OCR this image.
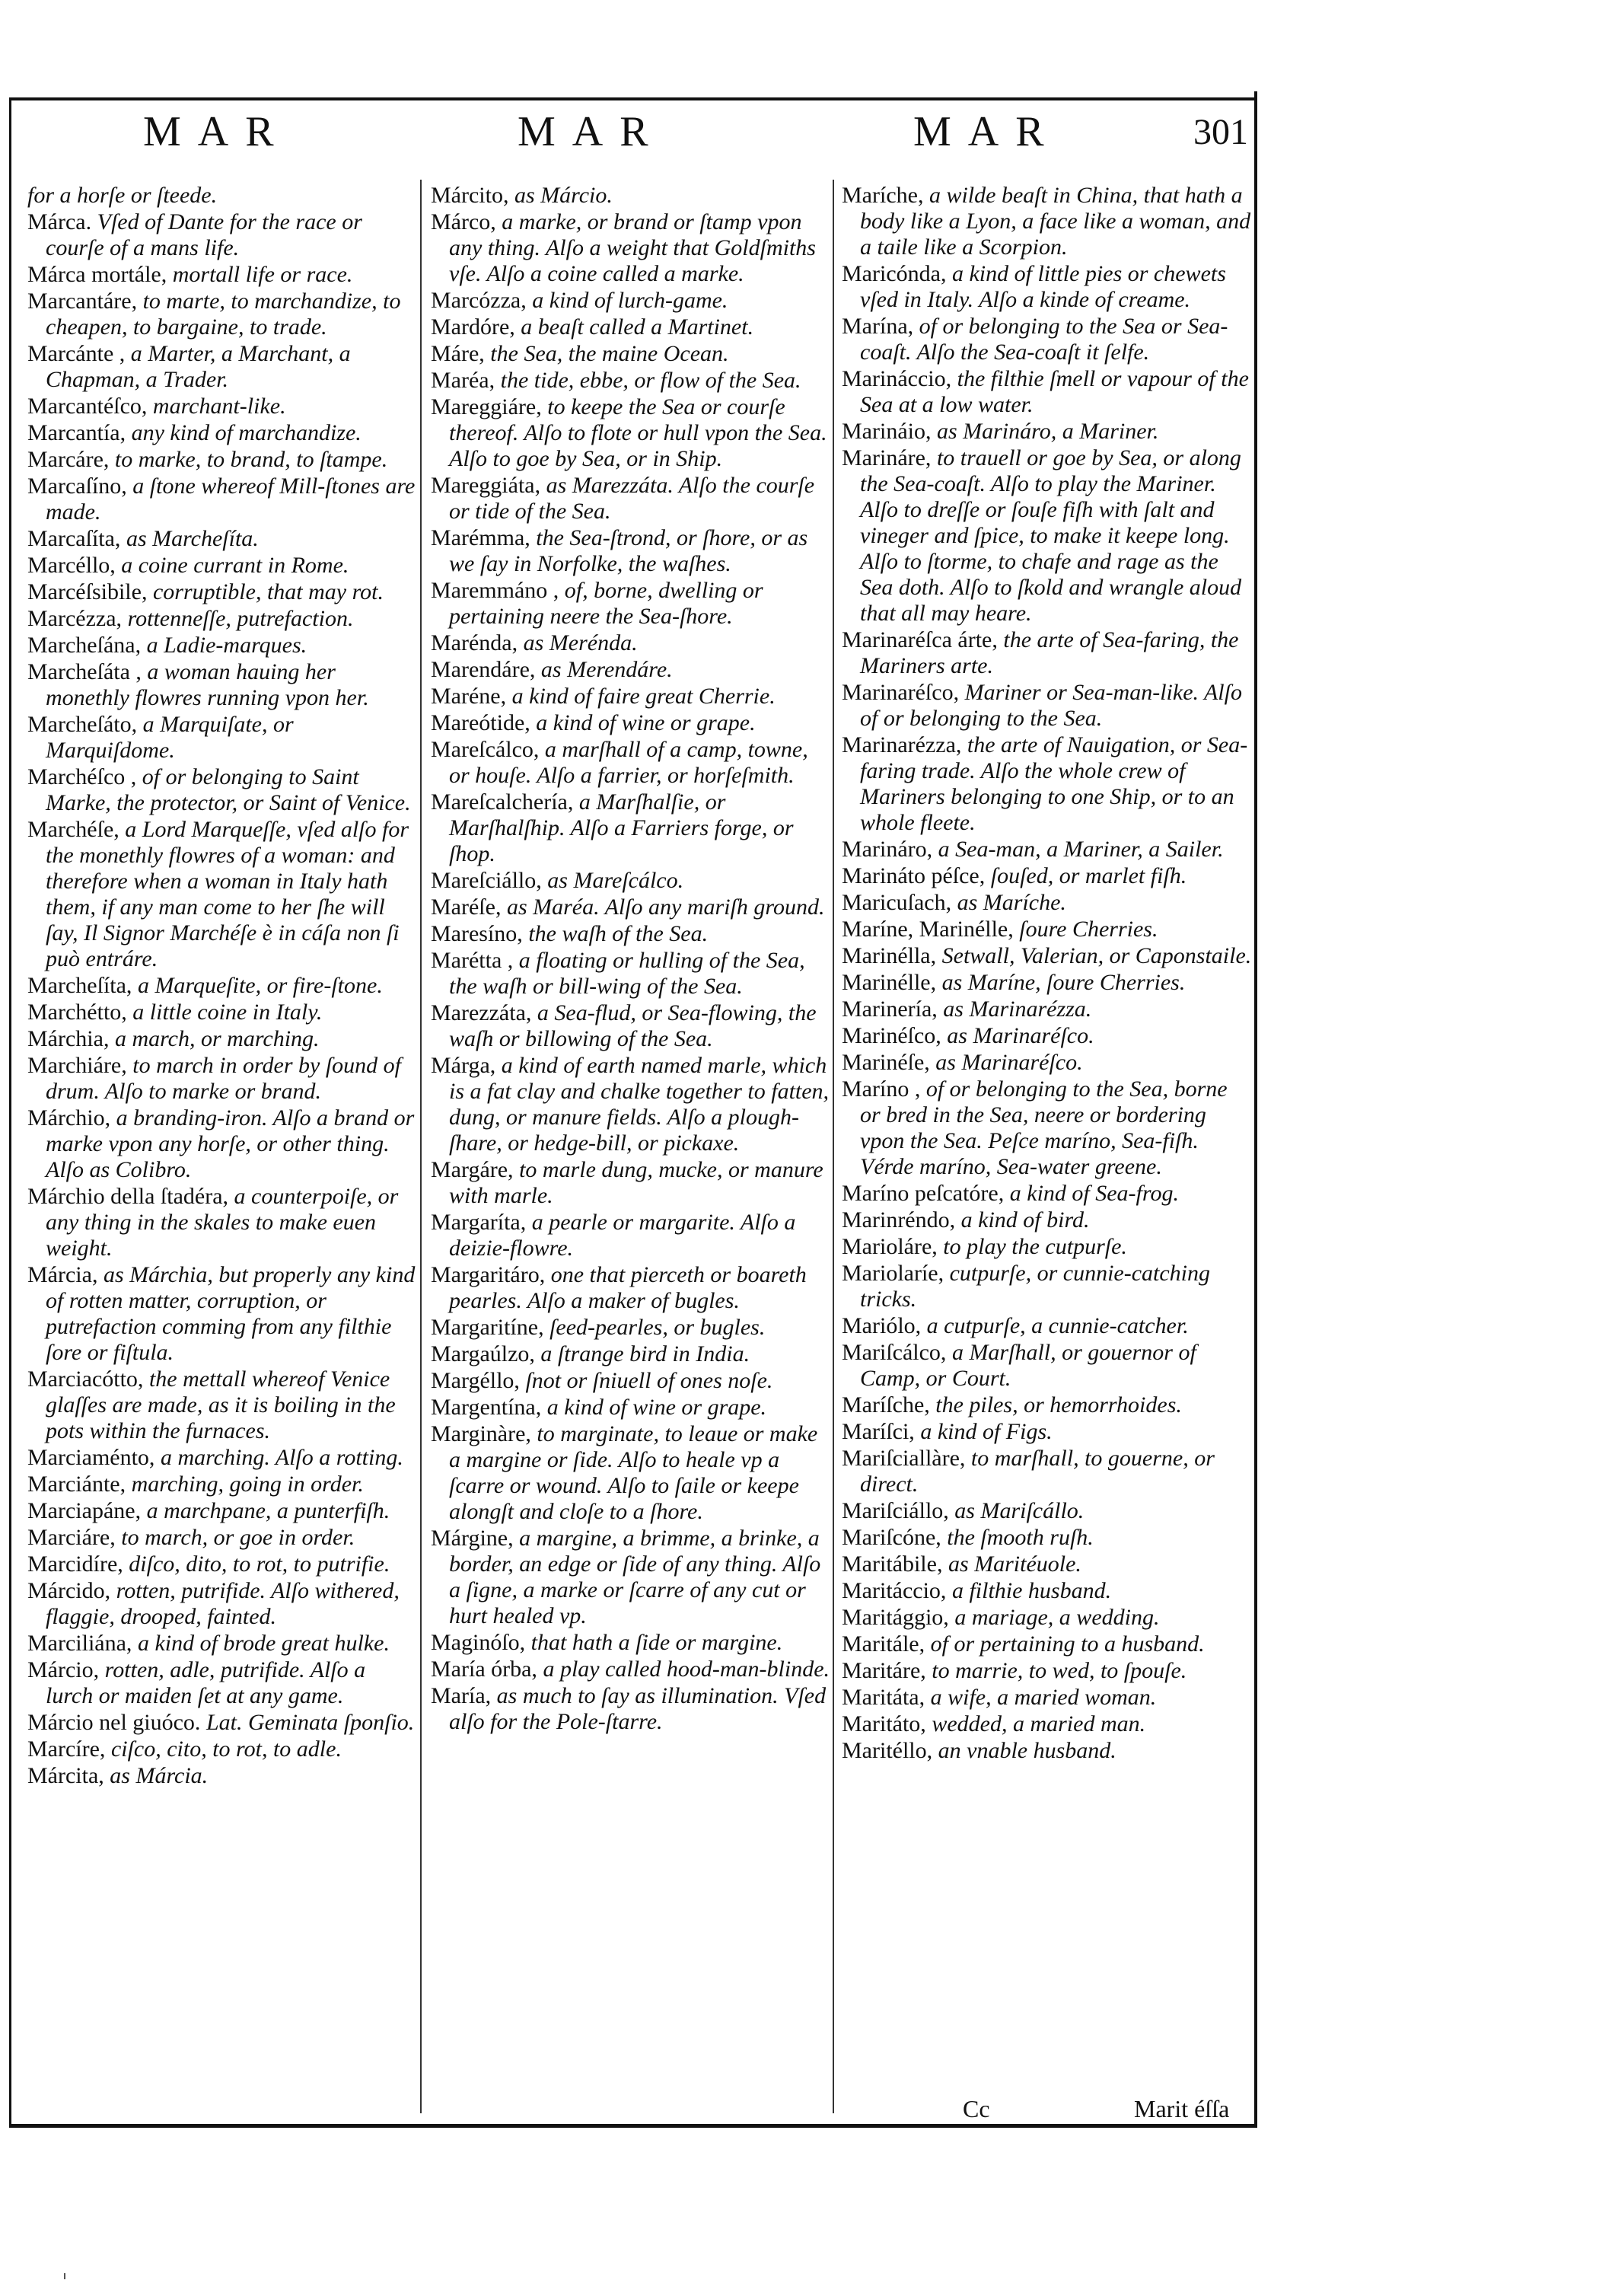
MAR	MAR	MAR	301
for a horſe or ſteede.
Márca. Vſed of Dante for the race or courſe of a mans life.
Márca mortále, mortall life or race.
Marcantáre, to marte, to marchandize, to cheapen, to bargaine, to trade.
Marcánte , a Marter, a Marchant, a Chapman, a Trader.
Marcantéſco, marchant-like.
Marcantía, any kind of marchandize.
Marcáre, to marke, to brand, to ſtampe.
Marcaſíno, a ſtone whereof Mill-ſtones are made.
Marcaſíta, as Marcheſíta.
Marcéllo, a coine currant in Rome.
Marcéſsibile, corruptible, that may rot.
Marcézza, rottenneſſe, putrefaction.
Marcheſána, a Ladie-marques.
Marcheſáta , a woman hauing her monethly flowres running vpon her.
Marcheſáto, a Marquiſate, or Marquiſdome.
Marchéſco , of or belonging to Saint Marke, the protector, or Saint of Venice.
Marchéſe, a Lord Marqueſſe, vſed alſo for the monethly flowres of a woman: and therefore when a woman in Italy hath them, if any man come to her ſhe will ſay, Il Signor Marchéſe è in cáſa non ſi può entráre.
Marcheſíta, a Marqueſite, or fire-ſtone.
Marchétto, a little coine in Italy.
Márchia, a march, or marching.
Marchiáre, to march in order by ſound of drum. Alſo to marke or brand.
Márchio, a branding-iron. Alſo a brand or marke vpon any horſe, or other thing. Alſo as Colibro.
Márchio della ſtadéra, a counterpoiſe, or any thing in the skales to make euen weight.
Márcia, as Márchia, but properly any kind of rotten matter, corruption, or putrefaction comming from any filthie ſore or fiſtula.
Marciacótto, the mettall whereof Venice glaſſes are made, as it is boiling in the pots within the furnaces.
Marciaménto, a marching. Alſo a rotting.
Marciánte, marching, going in order.
Marciapáne, a marchpane, a punterfiſh.
Marciáre, to march, or goe in order.
Marcidíre, diſco, dito, to rot, to putrifie.
Márcido, rotten, putrifide. Alſo withered, flaggie, drooped, fainted.
Marciliána, a kind of brode great hulke.
Márcio, rotten, adle, putrifide. Alſo a lurch or maiden ſet at any game.
Márcio nel giuóco. Lat. Geminata ſponſio.
Marcíre, ciſco, cito, to rot, to adle.
Márcita, as Márcia.
Márcito, as Márcio.
Márco, a marke, or brand or ſtamp vpon any thing. Alſo a weight that Goldſmiths vſe. Alſo a coine called a marke.
Marcózza, a kind of lurch-game.
Mardóre, a beaſt called a Martinet.
Máre, the Sea, the maine Ocean.
Maréa, the tide, ebbe, or flow of the Sea.
Mareggiáre, to keepe the Sea or courſe thereof. Alſo to flote or hull vpon the Sea. Alſo to goe by Sea, or in Ship.
Mareggiáta, as Marezzáta. Alſo the courſe or tide of the Sea.
Marémma, the Sea-ſtrond, or ſhore, or as we ſay in Norfolke, the waſhes.
Maremmáno , of, borne, dwelling or pertaining neere the Sea-ſhore.
Marénda, as Merénda.
Marendáre, as Merendáre.
Maréne, a kind of faire great Cherrie.
Mareótide, a kind of wine or grape.
Mareſcálco, a marſhall of a camp, towne, or houſe. Alſo a farrier, or horſeſmith.
Mareſcalchería, a Marſhalſie, or Marſhalſhip. Alſo a Farriers forge, or ſhop.
Mareſciállo, as Mareſcálco.
Maréſe, as Maréa. Alſo any mariſh ground.
Maresíno, the waſh of the Sea.
Marétta , a floating or hulling of the Sea, the waſh or bill-wing of the Sea.
Marezzáta, a Sea-flud, or Sea-flowing, the waſh or billowing of the Sea.
Márga, a kind of earth named marle, which is a fat clay and chalke together to fatten, dung, or manure fields. Alſo a plough-ſhare, or hedge-bill, or pickaxe.
Margáre, to marle dung, mucke, or manure with marle.
Margaríta, a pearle or margarite. Alſo a deizie-flowre.
Margaritáro, one that pierceth or boareth pearles. Alſo a maker of bugles.
Margaritíne, ſeed-pearles, or bugles.
Margaúlzo, a ſtrange bird in India.
Margéllo, ſnot or ſniuell of ones noſe.
Margentína, a kind of wine or grape.
Marginàre, to marginate, to leaue or make a margine or ſide. Alſo to heale vp a ſcarre or wound. Alſo to ſaile or keepe alongſt and cloſe to a ſhore.
Márgine, a margine, a brimme, a brinke, a border, an edge or ſide of any thing. Alſo a ſigne, a marke or ſcarre of any cut or hurt healed vp.
Maginóſo, that hath a ſide or margine.
María órba, a play called hood-man-blinde.
María, as much to ſay as illumination. Vſed alſo for the Pole-ſtarre.
Maríche, a wilde beaſt in China, that hath a body like a Lyon, a face like a woman, and a taile like a Scorpion.
Maricónda, a kind of little pies or chewets vſed in Italy. Alſo a kinde of creame.
Marína, of or belonging to the Sea or Sea-coaſt. Alſo the Sea-coaſt it ſelfe.
Marináccio, the filthie ſmell or vapour of the Sea at a low water.
Marináio, as Marináro, a Mariner.
Marináre, to trauell or goe by Sea, or along the Sea-coaſt. Alſo to play the Mariner. Alſo to dreſſe or ſouſe fiſh with ſalt and vineger and ſpice, to make it keepe long. Alſo to ſtorme, to chafe and rage as the Sea doth. Alſo to ſkold and wrangle aloud that all may heare.
Marinaréſca árte, the arte of Sea-faring, the Mariners arte.
Marinaréſco, Mariner or Sea-man-like. Alſo of or belonging to the Sea.
Marinarézza, the arte of Nauigation, or Sea-faring trade. Alſo the whole crew of Mariners belonging to one Ship, or to an whole fleete.
Marináro, a Sea-man, a Mariner, a Sailer.
Marináto péſce, ſouſed, or marlet fiſh.
Maricuſach, as Maríche.
Maríne, Marinélle, ſoure Cherries.
Marinélla, Setwall, Valerian, or Caponstaile.
Marinélle, as Maríne, ſoure Cherries.
Marinería, as Marinarézza.
Marinéſco, as Marinaréſco.
Marinéſe, as Marinaréſco.
Maríno , of or belonging to the Sea, borne or bred in the Sea, neere or bordering vpon the Sea. Peſce maríno, Sea-fiſh. Vérde maríno, Sea-water greene.
Maríno peſcatóre, a kind of Sea-frog.
Marinréndo, a kind of bird.
Marioláre, to play the cutpurſe.
Mariolaríe, cutpurſe, or cunnie-catching tricks.
Mariólo, a cutpurſe, a cunnie-catcher.
Mariſcálco, a Marſhall, or gouernor of Camp, or Court.
Maríſche, the piles, or hemorrhoides.
Maríſci, a kind of Figs.
Mariſciallàre, to marſhall, to gouerne, or direct.
Mariſciállo, as Mariſcállo.
Mariſcóne, the ſmooth ruſh.
Maritábile, as Maritéuole.
Maritáccio, a filthie husband.
Maritággio, a mariage, a wedding.
Maritále, of or pertaining to a husband.
Maritáre, to marrie, to wed, to ſpouſe.
Maritáta, a wife, a maried woman.
Maritáto, wedded, a maried man.
Maritéllo, an vnable husband.
Cc	Marit éſſa
